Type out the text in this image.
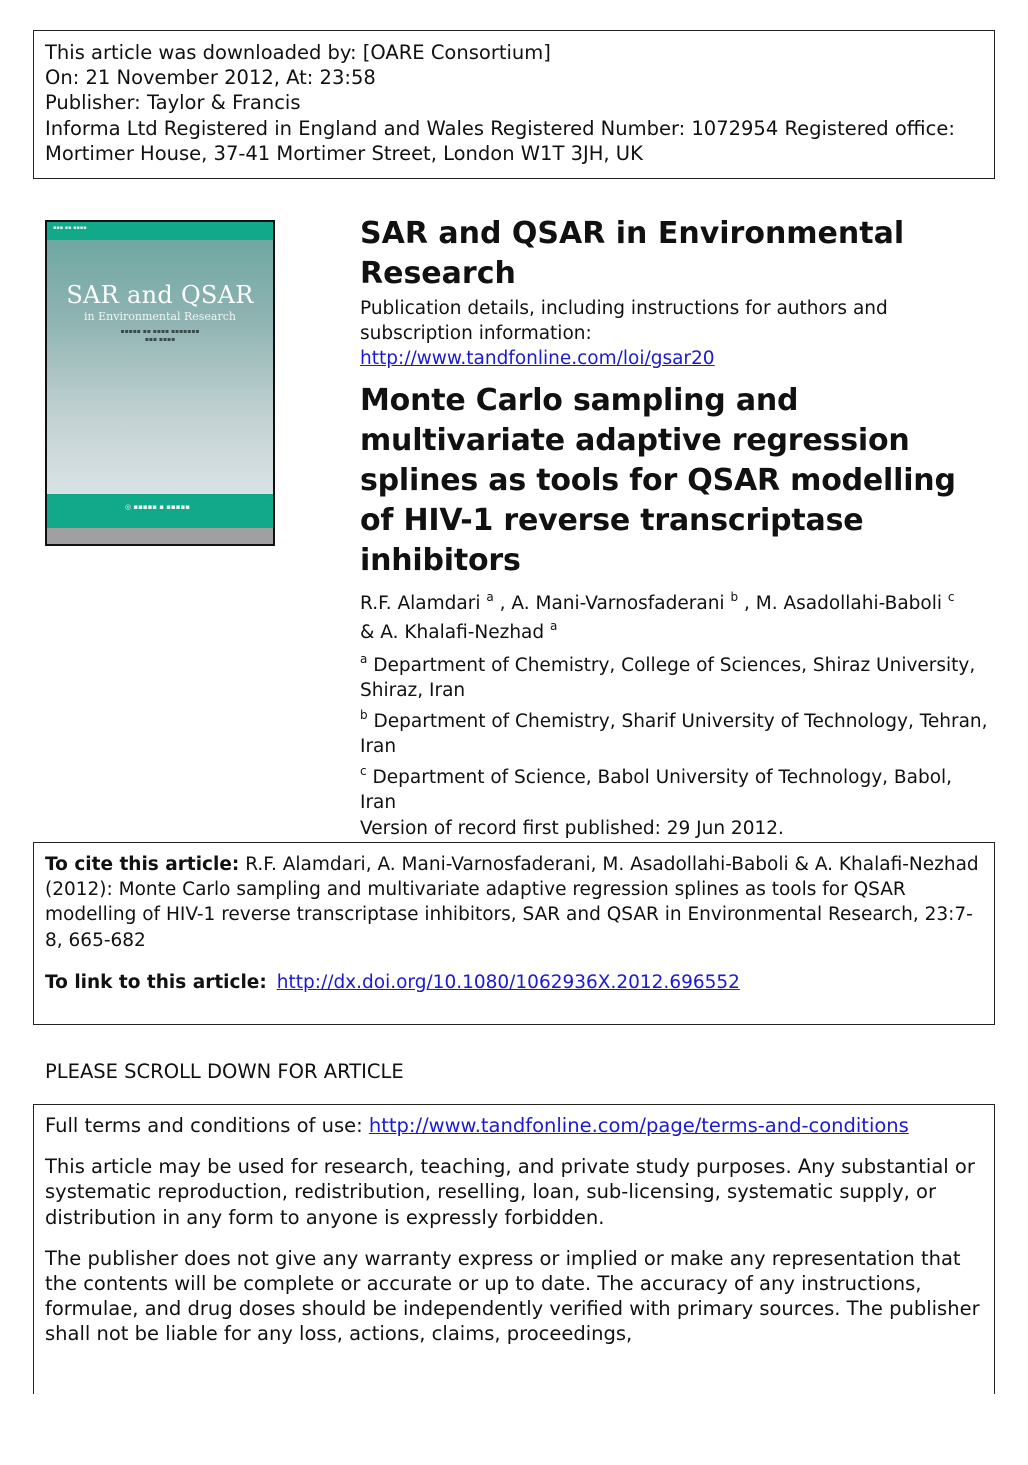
This article was downloaded by: [OARE Consortium]
On: 21 November 2012, At: 23:58
Publisher: Taylor & Francis
Informa Ltd Registered in England and Wales Registered Number: 1072954 Registered office: Mortimer House, 37-41 Mortimer Street, London W1T 3JH, UK
▪▪▪ ▪▪ ▪▪▪▪
SAR and QSAR
in Environmental Research
▪▪▪▪▪ ▪▪ ▪▪▪▪ ▪▪▪▪▪▪▪
▪▪▪ ▪▪▪▪
◎ ▪▪▪▪▪ ▪ ▪▪▪▪▪
SAR and QSAR in Environmental Research
Publication details, including instructions for authors and subscription information:
http://www.tandfonline.com/loi/gsar20
Monte Carlo sampling and multivariate adaptive regression splines as tools for QSAR modelling of HIV-1 reverse transcriptase inhibitors
R.F. Alamdari $^a$ , A. Mani-Varnosfaderani $^b$ , M. Asadollahi-Baboli $^c$
& A. Khalafi-Nezhad $^a$
$^a$ Department of Chemistry, College of Sciences, Shiraz University, Shiraz, Iran
$^b$ Department of Chemistry, Sharif University of Technology, Tehran, Iran
$^c$ Department of Science, Babol University of Technology, Babol, Iran
Version of record first published: 29 Jun 2012.
To cite this article: R.F. Alamdari, A. Mani-Varnosfaderani, M. Asadollahi-Baboli & A. Khalafi-Nezhad (2012): Monte Carlo sampling and multivariate adaptive regression splines as tools for QSAR modelling of HIV-1 reverse transcriptase inhibitors, SAR and QSAR in Environmental Research, 23:7-8, 665-682
To link to this article: http://dx.doi.org/10.1080/1062936X.2012.696552
PLEASE SCROLL DOWN FOR ARTICLE

Full terms and conditions of use: http://www.tandfonline.com/page/terms-and-conditions

This article may be used for research, teaching, and private study purposes. Any substantial or systematic reproduction, redistribution, reselling, loan, sub-licensing, systematic supply, or distribution in any form to anyone is expressly forbidden.

The publisher does not give any warranty express or implied or make any representation that the contents will be complete or accurate or up to date. The accuracy of any instructions, formulae, and drug doses should be independently verified with primary sources. The publisher shall not be liable for any loss, actions, claims, proceedings,
